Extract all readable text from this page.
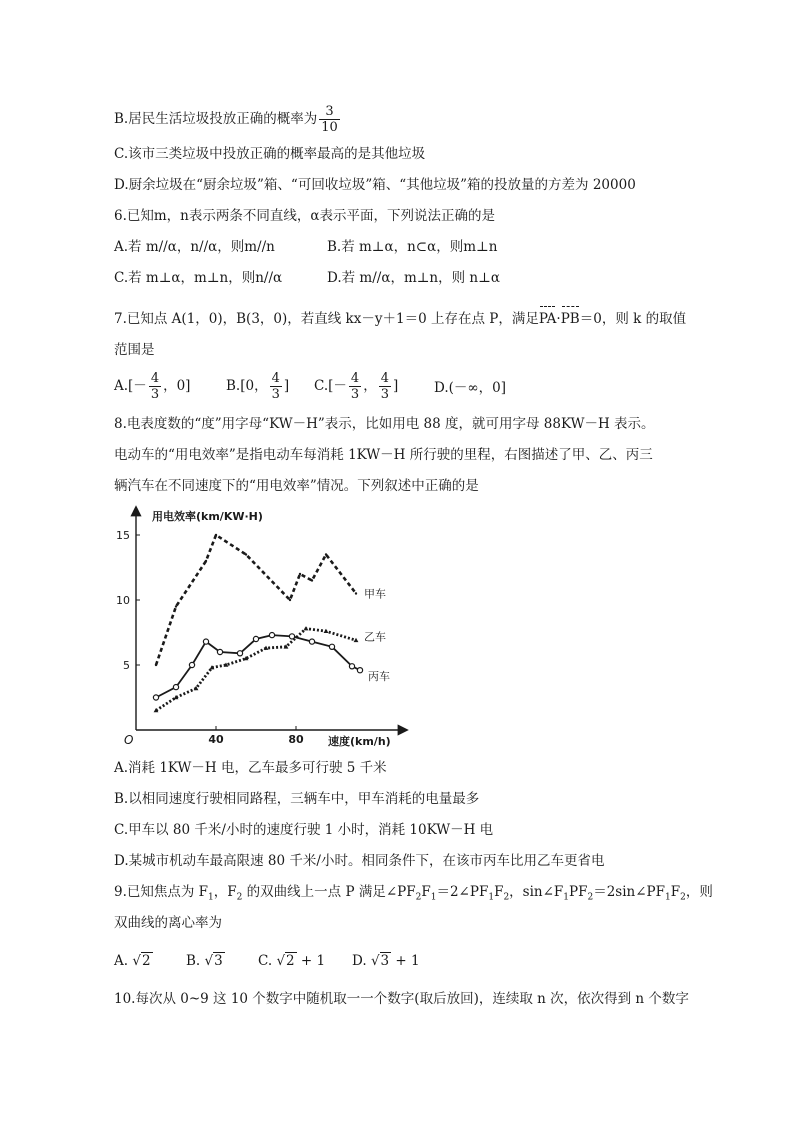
B.居民生活垃圾投放正确的概率为 $\frac{3}{10}$
C.该市三类垃圾中投放正确的概率最高的是其他垃圾
D.厨余垃圾在“厨余垃圾”箱、“可回收垃圾”箱、“其他垃圾”箱的投放量的方差为 20000
6.已知m，n表示两条不同直线，α表示平面，下列说法正确的是
A.若 m//α，n//α，则m//n	B.若 m⊥α，n⊂α，则m⊥n
C.若 m⊥α，m⊥n，则n//α	D.若 m//α，m⊥n，则 n⊥α
7.已知点 A(1，0)，B(3，0)，若直线 kx－y＋1＝0 上存在点 P，满足PA·PB＝0，则 k 的取值
范围是
$A.[- \frac{4}{3}$ ，0]	B.[0， $\frac{4}{3}$ ] $C.[- \frac{4}{3}$ ， $\frac{4}{3}$ ]	D.(－∞，0]
8.电表度数的“度”用字母“KW－H”表示，比如用电 88 度，就可用字母 88KW－H 表示。
电动车的“用电效率”是指电动车每消耗 1KW－H 所行驶的里程，右图描述了甲、乙、丙三
辆汽车在不同速度下的“用电效率”情况。下列叙述中正确的是
用电效率(km/KW·H)
速度(km/h)
O	40	80
5
10
15
甲车
乙车
丙车
A.消耗 1KW－H 电，乙车最多可行驶 5 千米
B.以相同速度行驶相同路程，三辆车中，甲车消耗的电量最多
C.甲车以 80 千米/小时的速度行驶 1 小时，消耗 10KW－H 电
D.某城市机动车最高限速 80 千米/小时。相同条件下，在该市丙车比用乙车更省电
9.已知焦点为 $F_1$，$F_2$ 的双曲线上一点 P 满足$\angle PF_2F_1=2\angle PF_1F_2$，$\sin\angle F_1PF_2=2\sin\angle PF_1F_2$，则
双曲线的离心率为
A. √2	B. √3	C. √2 + 1 D. √3 + 1
10.每次从 0~9 这 10 个数字中随机取一一个数字(取后放回)，连续取 n 次，依次得到 n 个数字
